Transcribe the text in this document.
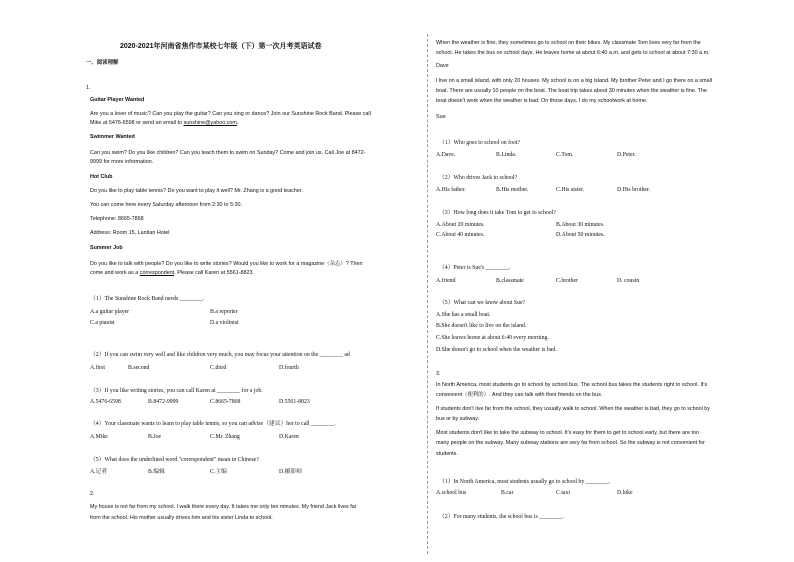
2020-2021年河南省焦作市某校七年级（下）第一次月考英语试卷
一、阅读理解
1.
Guitar Player Wanted
Are you a lover of music? Can you play the guitar? Can you sing or dance? Join our Sunshine Rock Band. Please call
Mike at 5476-6598 or send an email to sunshine@yahoo.com.
Swimmer Wanted
Can you swim? Do you like children? Can you teach them to swim on Sunday? Come and join us. Call Joe at 8472-
9999 for more information.
Hot Club
Do you like to play table tennis? Do you want to play it well? Mr. Zhang is a good teacher.
You can come here every Saturday afternoon from 2:30 to 5:30.
Telephone: 8665-7868
Address: Room 15, Lantian Hotel
Summer Job
Do you like to talk with people? Do you like to write stories? Would you like to work for a magazine（杂志）? Then
come and work as a correspondent. Please call Karen at 5561-8823.
（1）The Sunshine Rock Band needs ________.
A.a guitar player	B.a reporter
C.a pianist	D.a violinist
（2）If you can swim very well and like children very much, you may focus your attention on the ________ ad
A.first	B.second	C.third	D.fourth
（3）If you like writing stories, you can call Karen at ________ for a job.
A.5476-6598	B.8472-9999	C.8665-7868	D.5561-8823
（4）Your classmate wants to learn to play table tennis, so you can advise（建议）her to call ________.
A.Mike	B.Joe	C.Mr. Zhang	D.Karen
（5）What does the underlined word "correspondent" mean in Chinese?
A.记者	B.编辑	C.主编	D.摄影师
2.
My house is not far from my school. I walk there every day. It takes me only ten minutes. My friend Jack lives far
from the school. His mother usually drives him and his sister Linda to school.
When the weather is fine, they sometimes go to school on their bikes. My classmate Tom lives very far from the
school. He takes the bus on school days. He leaves home at about 6:40 a.m. and gets to school at about 7:30 a.m.
Dave
I live on a small island, with only 20 houses. My school is on a big island. My brother Peter and I go there on a small
boat. There are usually 10 people on the boat. The boat trip takes about 30 minutes when the weather is fine. The
boat doesn't work when the weather is bad. On those days, I do my schoolwork at home.
Sue
（1）Who goes to school on foot?
A.Dave.	B.Linda.	C.Tom.	D.Peter.
（2）Who drives Jack to school?
A.His father.	B.His mother.	C.His sister.	D.His brother.
（3）How long does it take Tom to get to school?
A.About 20 minutes.	B.About 30 minutes.
C.About 40 minutes.	D.About 50 minutes.
（4）Peter is Sue's ________.
A.friend	B.classmate	C.brother	D. cousin
（5）What can we know about Sue?
A.She has a small boat.
B.She doesn't like to live on the island.
C.She leaves home at about 6:40 every morning.
D.She doesn't go to school when the weather is bad.
3.
In North America, most students go to school by school bus. The school bus takes the students right to school. It's
convenient（便利的）. And they can talk with their friends on the bus.
If students don't live far from the school, they usually walk to school. When the weather is bad, they go to school by
bus or by subway.
Most students don't like to take the subway to school. It's easy for them to get to school early, but there are too
many people on the subway. Many subway stations are very far from school. So the subway is not convenient for
students.
（1）In North America, most students usually go to school by ________.
A.school bus	B.car	C.taxi	D.bike
（2）For many students, the school bus is ________.
